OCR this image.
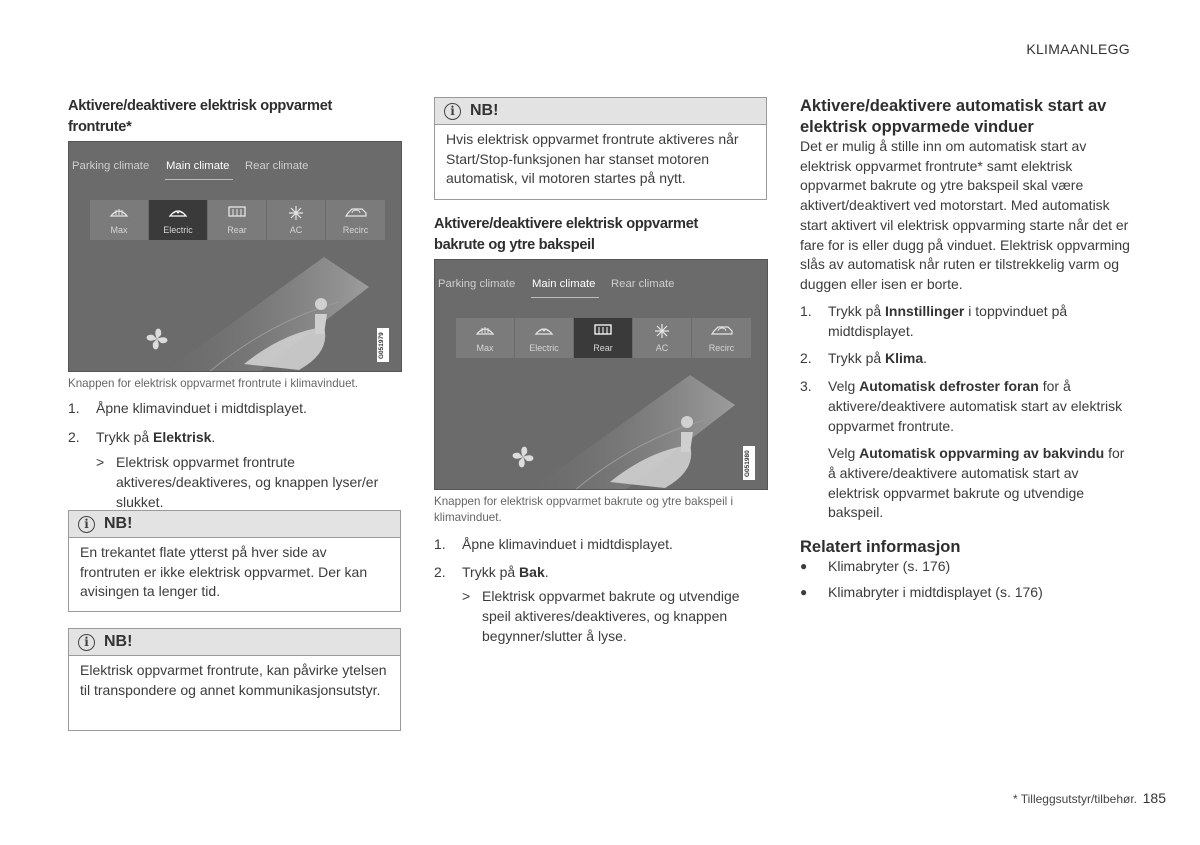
KLIMAANLEGG
Aktivere/deaktivere elektrisk oppvarmet frontrute*
Parking climate Main climate Rear climate
Max	Electric	Rear	AC	Recirc
G051979
Knappen for elektrisk oppvarmet frontrute i klimavinduet.
1. Åpne klimavinduet i midtdisplayet.
2. Trykk på Elektrisk.
> Elektrisk oppvarmet frontrute aktiveres/deaktiveres, og knappen lyser/er slukket.
i NB!
En trekantet flate ytterst på hver side av frontruten er ikke elektrisk oppvarmet. Der kan avisingen ta lenger tid.
i NB!
Elektrisk oppvarmet frontrute, kan påvirke ytelsen til transpondere og annet kommunikasjonsutstyr.
i NB!
Hvis elektrisk oppvarmet frontrute aktiveres når Start/Stop-funksjonen har stanset motoren automatisk, vil motoren startes på nytt.
Aktivere/deaktivere elektrisk oppvarmet bakrute og ytre bakspeil
Parking climate Main climate Rear climate
Max	Electric	Rear	AC	Recirc
G051980
Knappen for elektrisk oppvarmet bakrute og ytre bakspeil i klimavinduet.
1. Åpne klimavinduet i midtdisplayet.
2. Trykk på Bak.
> Elektrisk oppvarmet bakrute og utvendige speil aktiveres/deaktiveres, og knappen begynner/slutter å lyse.
Aktivere/deaktivere automatisk start av elektrisk oppvarmede vinduer
Det er mulig å stille inn om automatisk start av elektrisk oppvarmet frontrute* samt elektrisk oppvarmet bakrute og ytre bakspeil skal være aktivert/deaktivert ved motorstart. Med automatisk start aktivert vil elektrisk oppvarming starte når det er fare for is eller dugg på vinduet. Elektrisk oppvarming slås av automatisk når ruten er tilstrekkelig varm og duggen eller isen er borte.
1. Trykk på Innstillinger i toppvinduet på midtdisplayet.
2. Trykk på Klima.
3. Velg Automatisk defroster foran for å aktivere/deaktivere automatisk start av elektrisk oppvarmet frontrute.
Velg Automatisk oppvarming av bakvindu for å aktivere/deaktivere automatisk start av elektrisk oppvarmet bakrute og utvendige bakspeil.
Relatert informasjon
● Klimabryter (s. 176)
● Klimabryter i midtdisplayet (s. 176)
* Tilleggsutstyr/tilbehør. 185
